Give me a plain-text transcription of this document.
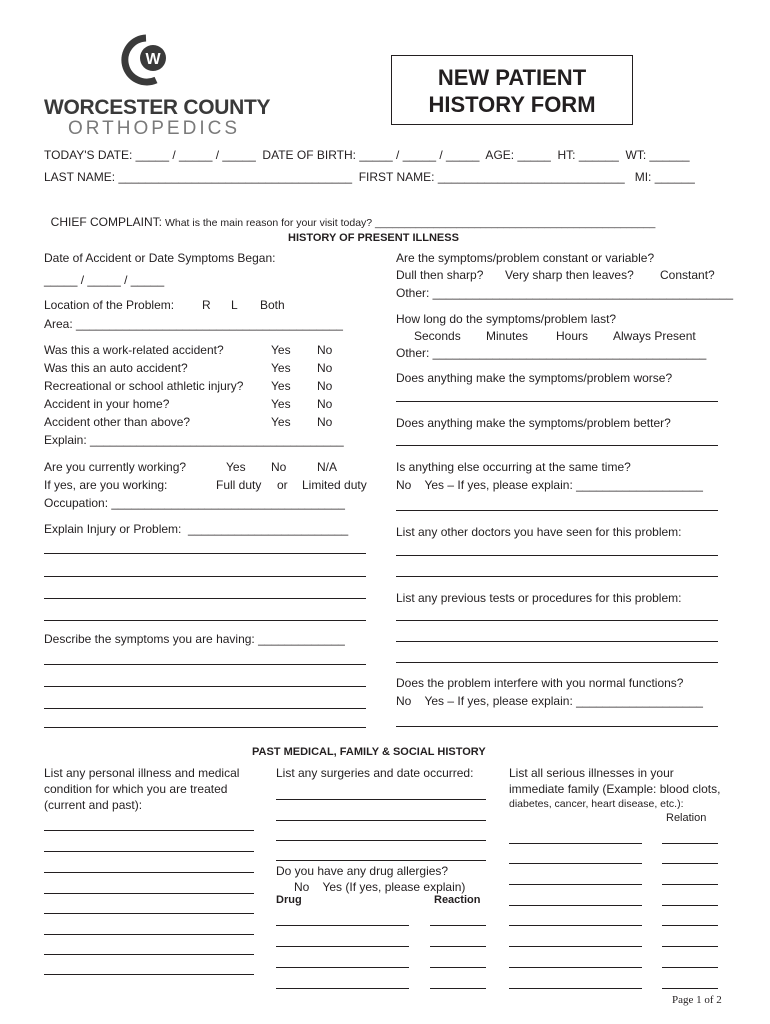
W

WORCESTER COUNTY

ORTHOPEDICS

NEW PATIENT
HISTORY FORM
TODAY'S DATE: _____ / _____ / _____  DATE OF BIRTH: _____ / _____ / _____  AGE: _____  HT: ______  WT: ______
LAST NAME: ___________________________________  FIRST NAME: ____________________________   MI: ______

CHIEF COMPLAINT: What is the main reason for your visit today? ________________________________________________

HISTORY OF PRESENT ILLNESS
Date of Accident or Date Symptoms Began:
_____ / _____ / _____
Location of the Problem: R L Both
Area: ________________________________________
Was this a work-related accident?	Yes No
Was this an auto accident?	Yes No
Recreational or school athletic injury? Yes No
Accident in your home?	Yes No
Accident other than above?	Yes No
Explain: ______________________________________
Are you currently working?	Yes No	N/A
If yes, are you working:	Full duty or Limited duty
Occupation: ___________________________________
Explain Injury or Problem:  ________________________
Describe the symptoms you are having: _____________
Are the symptoms/problem constant or variable?
Dull then sharp? Very sharp then leaves? Constant?
Other: _____________________________________________
How long do the symptoms/problem last?
Seconds Minutes Hours Always Present
Other: _________________________________________
Does anything make the symptoms/problem worse?
Does anything make the symptoms/problem better?
Is anything else occurring at the same time?
No    Yes – If yes, please explain: ___________________
List any other doctors you have seen for this problem:
List any previous tests or procedures for this problem:
Does the problem interfere with you normal functions?
No    Yes – If yes, please explain: ___________________
PAST MEDICAL, FAMILY & SOCIAL HISTORY
List any personal illness and medical
condition for which you are treated
(current and past):
List any surgeries and date occurred:
Do you have any drug allergies?
No    Yes (If yes, please explain)
Drug	Reaction
List all serious illnesses in your
immediate family (Example: blood clots,
diabetes, cancer, heart disease, etc.):
Relation
Page 1 of 2
